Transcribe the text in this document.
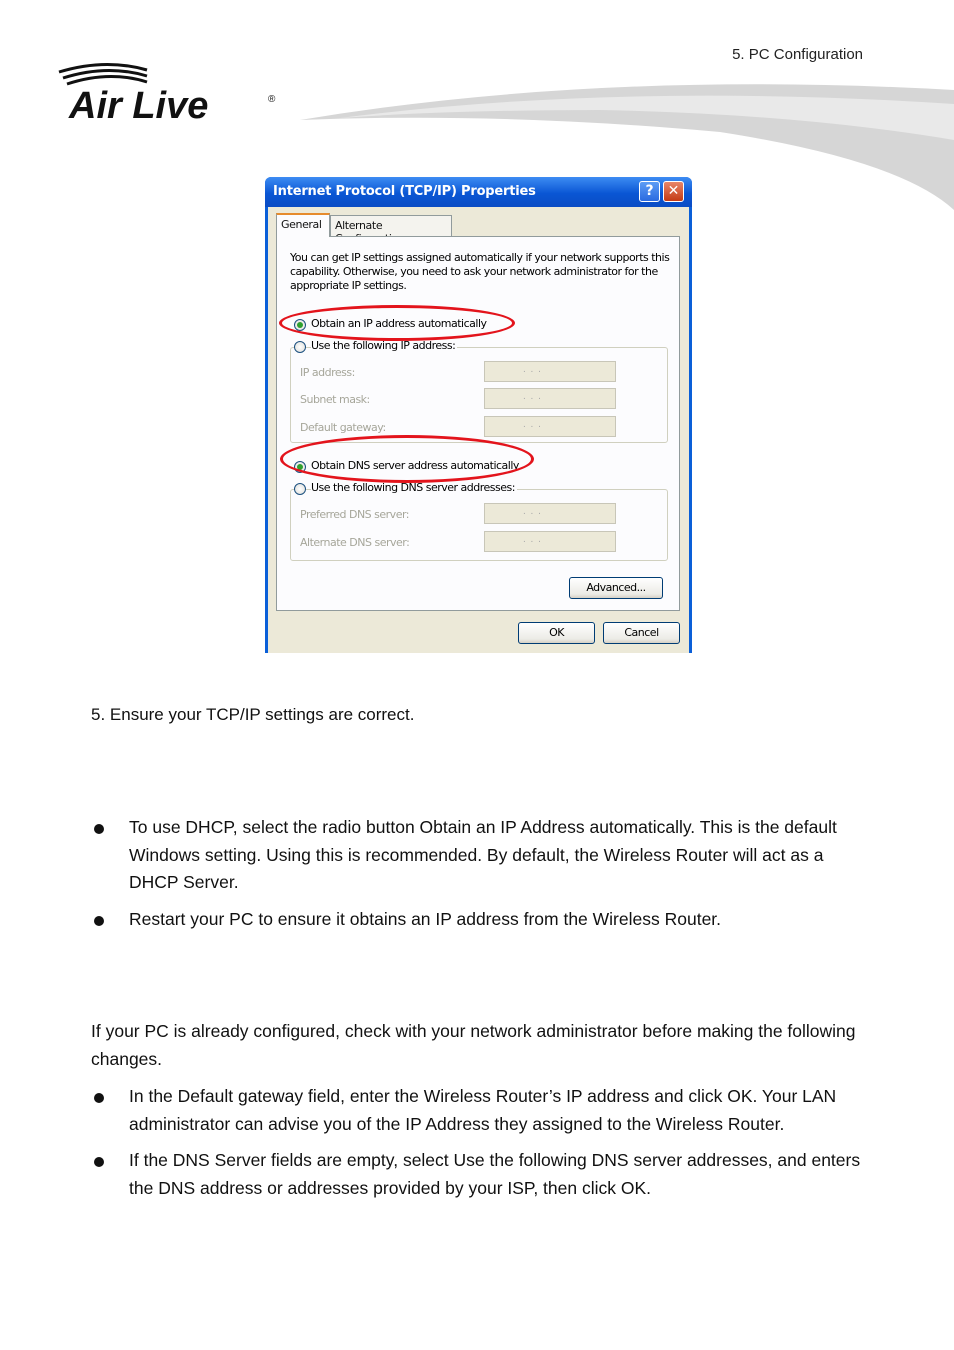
5. PC Configuration
Air Live	®
Internet Protocol (TCP/IP) Properties	?	✕
General	Alternate
You can get IP settings assigned automatically if your network supports this capability. Otherwise, you need to ask your network administrator for the appropriate IP settings.
Obtain an IP address automatically
Use the following IP address:
IP address:
.
Subnet mask:
.
Default gateway:
.
Obtain DNS server address automatically
Use the following DNS server addresses:
Preferred DNS server:
.
Alternate DNS server:
.
Advanced...
OK	Cancel
5. Ensure your TCP/IP settings are correct.
To use DHCP, select the radio button Obtain an IP Address automatically. This is the default Windows setting. Using this is recommended. By default, the Wireless Router will act as a DHCP Server.
Restart your PC to ensure it obtains an IP address from the Wireless Router.
If your PC is already configured, check with your network administrator before making the following changes.
In the Default gateway field, enter the Wireless Router’s IP address and click OK. Your LAN administrator can advise you of the IP Address they assigned to the Wireless Router.
If the DNS Server fields are empty, select Use the following DNS server addresses, and enters the DNS address or addresses provided by your ISP, then click OK.
